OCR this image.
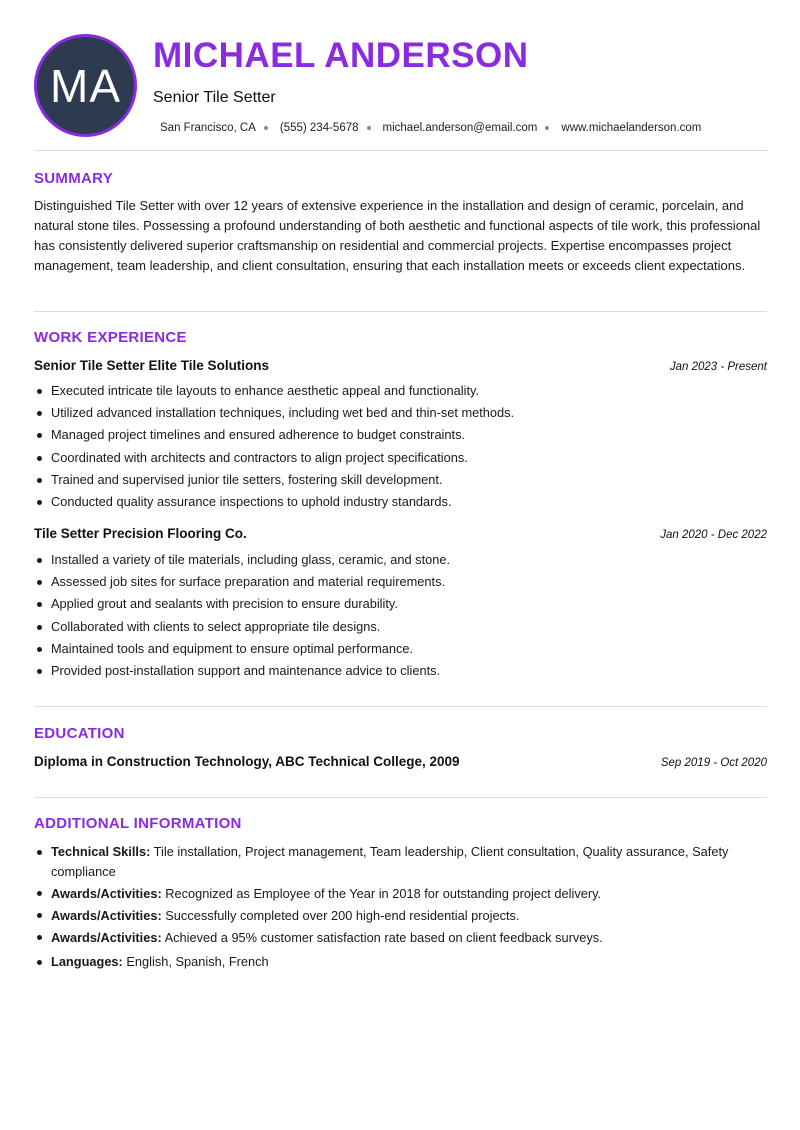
MA
MICHAEL ANDERSON
Senior Tile Setter
San Francisco, CA (555) 234-5678 michael.anderson@email.com www.michaelanderson.com
SUMMARY
Distinguished Tile Setter with over 12 years of extensive experience in the installation and design of ceramic, porcelain, and natural stone tiles. Possessing a profound understanding of both aesthetic and functional aspects of tile work, this professional has consistently delivered superior craftsmanship on residential and commercial projects. Expertise encompasses project management, team leadership, and client consultation, ensuring that each installation meets or exceeds client expectations.
WORK EXPERIENCE
Senior Tile Setter Elite Tile Solutions	Jan 2023 - Present
Executed intricate tile layouts to enhance aesthetic appeal and functionality.
Utilized advanced installation techniques, including wet bed and thin-set methods.
Managed project timelines and ensured adherence to budget constraints.
Coordinated with architects and contractors to align project specifications.
Trained and supervised junior tile setters, fostering skill development.
Conducted quality assurance inspections to uphold industry standards.
Tile Setter Precision Flooring Co.	Jan 2020 - Dec 2022
Installed a variety of tile materials, including glass, ceramic, and stone.
Assessed job sites for surface preparation and material requirements.
Applied grout and sealants with precision to ensure durability.
Collaborated with clients to select appropriate tile designs.
Maintained tools and equipment to ensure optimal performance.
Provided post-installation support and maintenance advice to clients.
EDUCATION
Diploma in Construction Technology, ABC Technical College, 2009	Sep 2019 - Oct 2020
ADDITIONAL INFORMATION
Technical Skills: Tile installation, Project management, Team leadership, Client consultation, Quality assurance, Safety compliance
Awards/Activities: Recognized as Employee of the Year in 2018 for outstanding project delivery.
Awards/Activities: Successfully completed over 200 high-end residential projects.
Awards/Activities: Achieved a 95% customer satisfaction rate based on client feedback surveys.
Languages: English, Spanish, French
